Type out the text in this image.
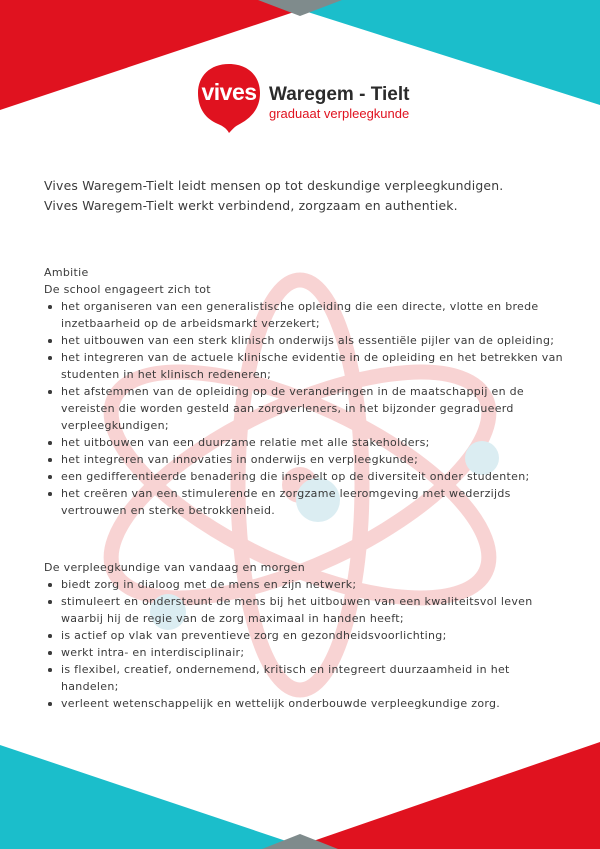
vives Waregem - Tielt
graduaat verpleegkunde

Vives Waregem-Tielt leidt mensen op tot deskundige verpleegkundigen.
Vives Waregem-Tielt werkt verbindend, zorgzaam en authentiek.

Ambitie

De school engageert zich tot

het organiseren van een generalistische opleiding die een directe, vlotte en brede inzetbaarheid op de arbeidsmarkt verzekert;
het uitbouwen van een sterk klinisch onderwijs als essentiële pijler van de opleiding;
het integreren van de actuele klinische evidentie in de opleiding en het betrekken van studenten in het klinisch redeneren;
het afstemmen van de opleiding op de veranderingen in de maatschappij en de vereisten die worden gesteld aan zorgverleners, in het bijzonder gegradueerd verpleegkundigen;
het uitbouwen van een duurzame relatie met alle stakeholders;
het integreren van innovaties in onderwijs en verpleegkunde;
een gedifferentieerde benadering die inspeelt op de diversiteit onder studenten;
het creëren van een stimulerende en zorgzame leeromgeving met wederzijds vertrouwen en sterke betrokkenheid.

De verpleegkundige van vandaag en morgen

biedt zorg in dialoog met de mens en zijn netwerk;
stimuleert en ondersteunt de mens bij het uitbouwen van een kwaliteitsvol leven waarbij hij de regie van de zorg maximaal in handen heeft;
is actief op vlak van preventieve zorg en gezondheidsvoorlichting;
werkt intra- en interdisciplinair;
is flexibel, creatief, ondernemend, kritisch en integreert duurzaamheid in het handelen;
verleent wetenschappelijk en wettelijk onderbouwde verpleegkundige zorg.
